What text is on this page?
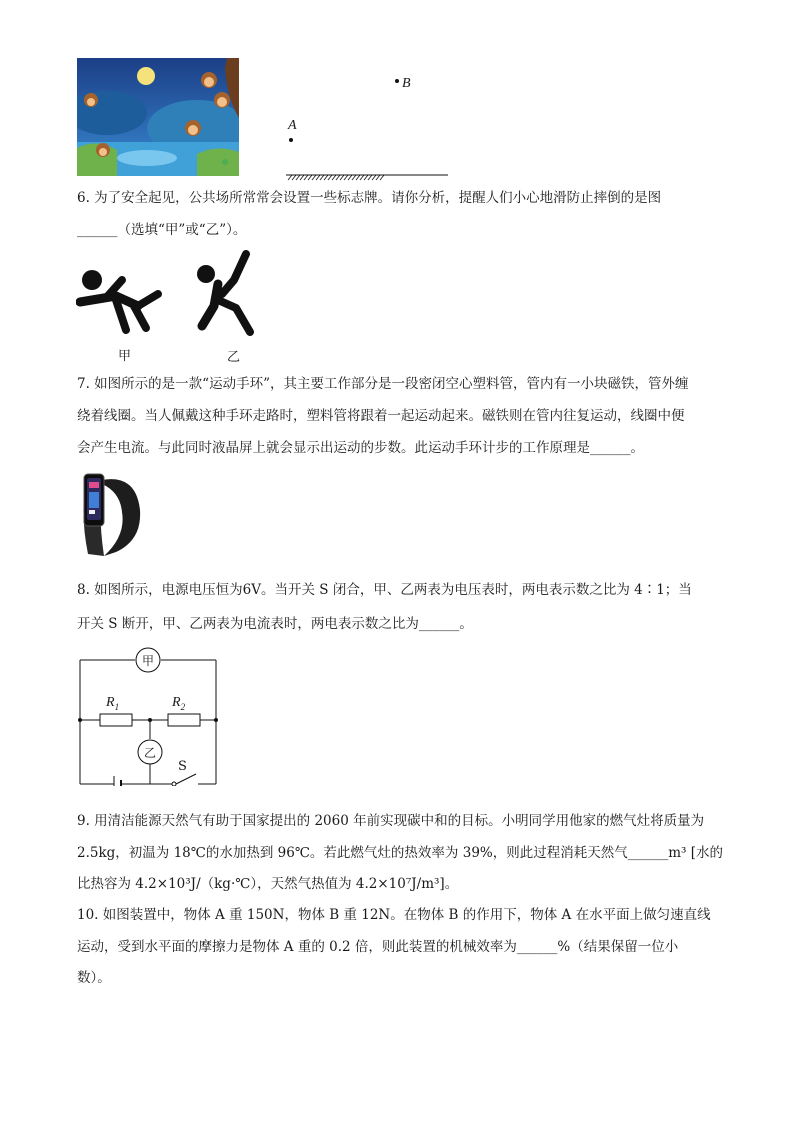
B
A
6. 为了安全起见，公共场所常常会设置一些标志牌。请你分析，提醒人们小心地滑防止摔倒的是图
______（选填“甲”或“乙”）。
甲	乙
7. 如图所示的是一款“运动手环”，其主要工作部分是一段密闭空心塑料管，管内有一小块磁铁，管外缠
绕着线圈。当人佩戴这种手环走路时，塑料管将跟着一起运动起来。磁铁则在管内往复运动，线圈中便
会产生电流。与此同时液晶屏上就会显示出运动的步数。此运动手环计步的工作原理是______。
8. 如图所示，电源电压恒为6V。当开关 S 闭合，甲、乙两表为电压表时，两电表示数之比为 4∶1；当
开关 S 断开，甲、乙两表为电流表时，两电表示数之比为______。
甲
乙
$R_1$	$R_2$
S
9. 用清洁能源天然气有助于国家提出的 2060 年前实现碳中和的目标。小明同学用他家的燃气灶将质量为
2.5kg，初温为 18℃的水加热到 96℃。若此燃气灶的热效率为 39%，则此过程消耗天然气______m³ [水的
比热容为 4.2×10³J/（kg·℃），天然气热值为 4.2×10⁷J/m³]。
10. 如图装置中，物体 A 重 150N，物体 B 重 12N。在物体 B 的作用下，物体 A 在水平面上做匀速直线
运动，受到水平面的摩擦力是物体 A 重的 0.2 倍，则此装置的机械效率为______%（结果保留一位小
数）。
